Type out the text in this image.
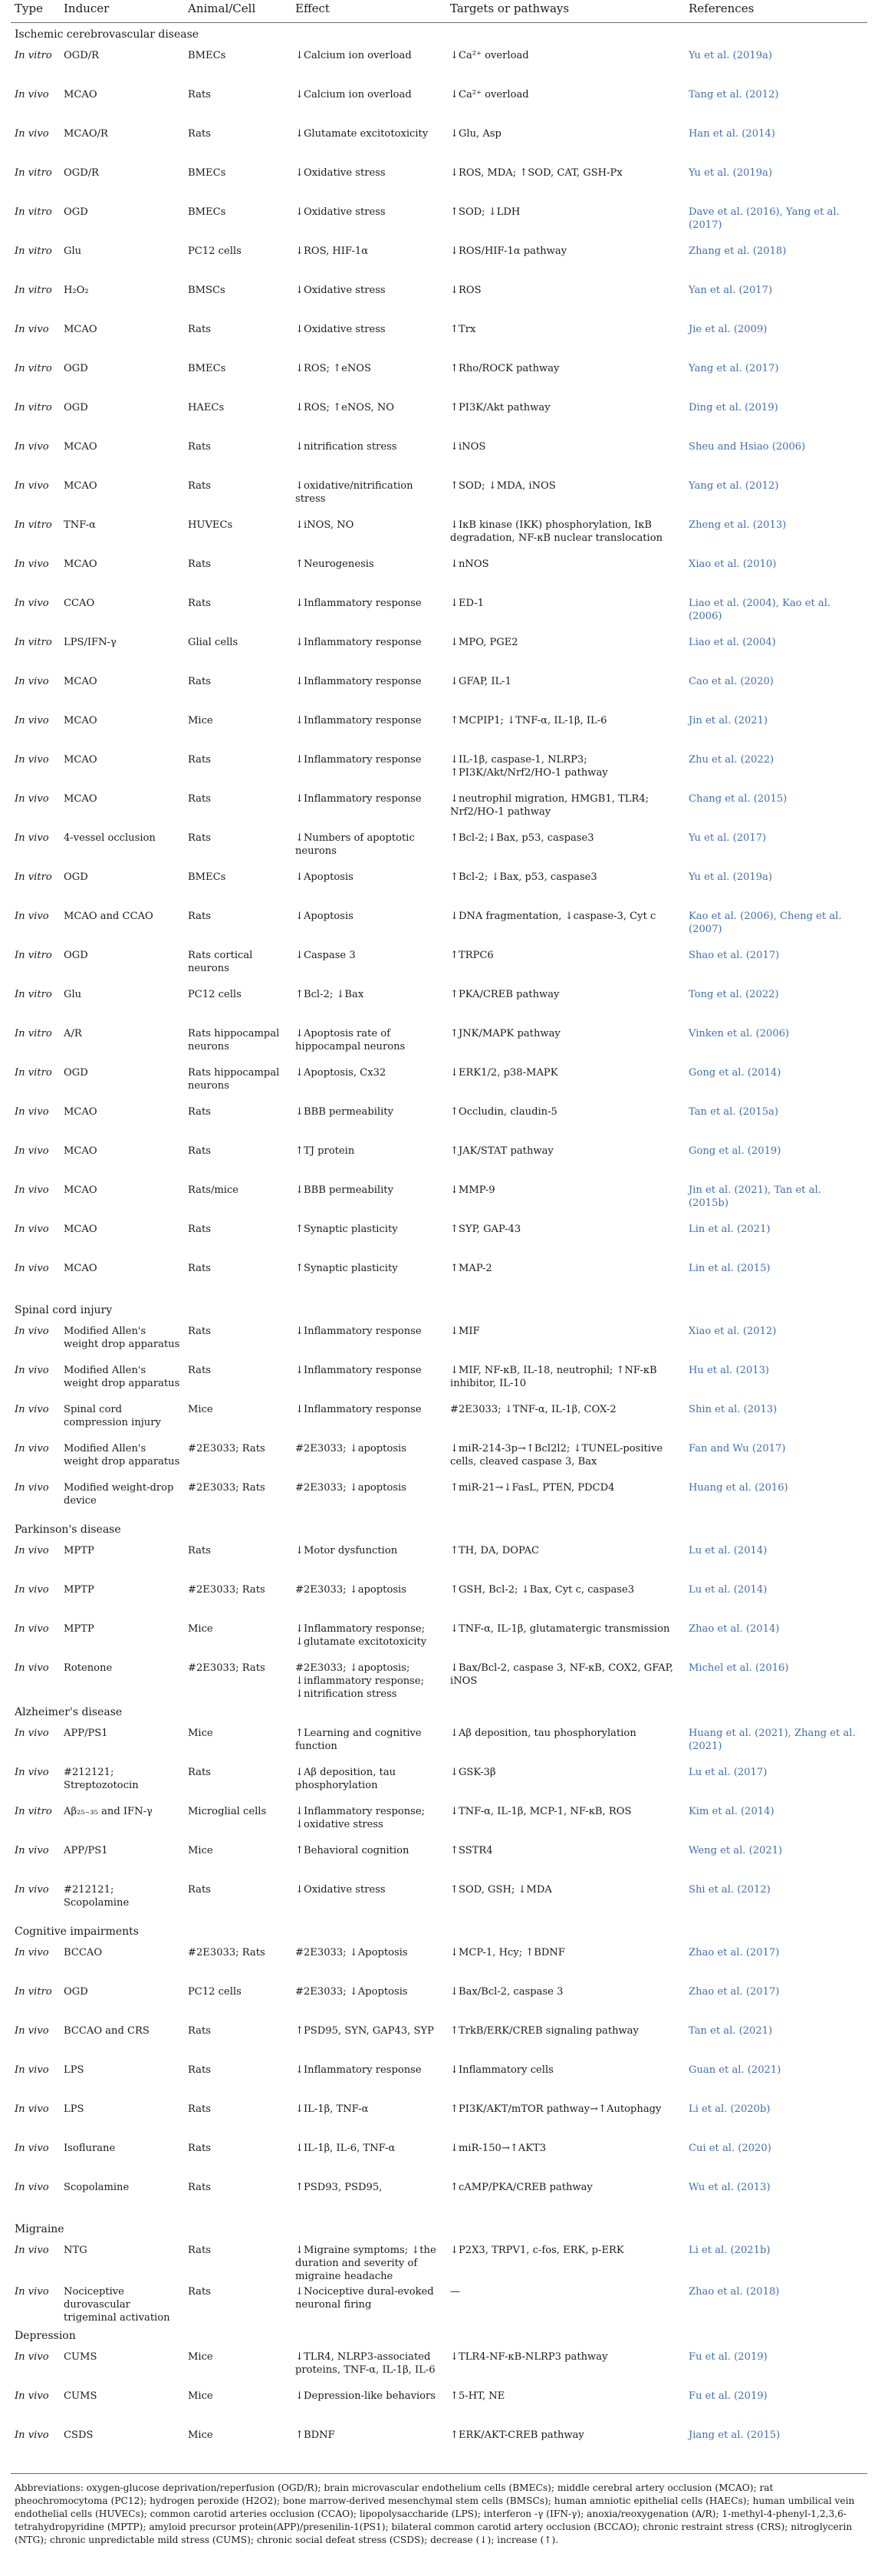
Type	Inducer	Animal/Cell	Effect	Targets or pathways	References
Ischemic cerebrovascular disease					
In vitro	OGD/R	BMECs	↓Calcium ion overload	↓Ca²⁺ overload	Yu et al. (2019a)
In vivo	MCAO	Rats	↓Calcium ion overload	↓Ca²⁺ overload	Tang et al. (2012)
In vivo	MCAO/R	Rats	↓Glutamate excitotoxicity	↓Glu, Asp	Han et al. (2014)
In vitro	OGD/R	BMECs	↓Oxidative stress	↓ROS, MDA; ↑SOD, CAT, GSH-Px	Yu et al. (2019a)
In vitro	OGD	BMECs	↓Oxidative stress	↑SOD; ↓LDH	Dave et al. (2016), Yang et al. (2017)
In vitro	Glu	PC12 cells	↓ROS, HIF-1α	↓ROS/HIF-1α pathway	Zhang et al. (2018)
In vitro	H₂O₂	BMSCs	↓Oxidative stress	↓ROS	Yan et al. (2017)
In vivo	MCAO	Rats	↓Oxidative stress	↑Trx	Jie et al. (2009)
In vitro	OGD	BMECs	↓ROS; ↑eNOS	↑Rho/ROCK pathway	Yang et al. (2017)
In vitro	OGD	HAECs	↓ROS; ↑eNOS, NO	↑PI3K/Akt pathway	Ding et al. (2019)
In vivo	MCAO	Rats	↓nitrification stress	↓iNOS	Sheu and Hsiao (2006)
In vivo	MCAO	Rats	↓oxidative/nitrification stress	↑SOD; ↓MDA, iNOS	Yang et al. (2012)
In vitro	TNF-α	HUVECs	↓iNOS, NO	↓IκB kinase (IKK) phosphorylation, IκB degradation, NF-κB nuclear translocation	Zheng et al. (2013)
In vivo	MCAO	Rats	↑Neurogenesis	↓nNOS	Xiao et al. (2010)
In vivo	CCAO	Rats	↓Inflammatory response	↓ED-1	Liao et al. (2004), Kao et al. (2006)
In vitro	LPS/IFN-γ	Glial cells	↓Inflammatory response	↓MPO, PGE2	Liao et al. (2004)
In vivo	MCAO	Rats	↓Inflammatory response	↓GFAP, IL-1	Cao et al. (2020)
In vivo	MCAO	Mice	↓Inflammatory response	↑MCPIP1; ↓TNF-α, IL-1β, IL-6	Jin et al. (2021)
In vivo	MCAO	Rats	↓Inflammatory response	↓IL-1β, caspase-1, NLRP3; ↑PI3K/Akt/Nrf2/HO-1 pathway	Zhu et al. (2022)
In vivo	MCAO	Rats	↓Inflammatory response	↓neutrophil migration, HMGB1, TLR4; Nrf2/HO-1 pathway	Chang et al. (2015)
In vivo	4-vessel occlusion	Rats	↓Numbers of apoptotic neurons	↑Bcl-2;↓Bax, p53, caspase3	Yu et al. (2017)
In vitro	OGD	BMECs	↓Apoptosis	↑Bcl-2; ↓Bax, p53, caspase3	Yu et al. (2019a)
In vivo	MCAO and CCAO	Rats	↓Apoptosis	↓DNA fragmentation, ↓caspase-3, Cyt c	Kao et al. (2006), Cheng et al. (2007)
In vitro	OGD	Rats cortical neurons	↓Caspase 3	↑TRPC6	Shao et al. (2017)
In vitro	Glu	PC12 cells	↑Bcl-2; ↓Bax	↑PKA/CREB pathway	Tong et al. (2022)
In vitro	A/R	Rats hippocampal neurons	↓Apoptosis rate of hippocampal neurons	↑JNK/MAPK pathway	Vinken et al. (2006)
In vitro	OGD	Rats hippocampal neurons	↓Apoptosis, Cx32	↓ERK1/2, p38-MAPK	Gong et al. (2014)
In vivo	MCAO	Rats	↓BBB permeability	↑Occludin, claudin-5	Tan et al. (2015a)
In vivo	MCAO	Rats	↑TJ protein	↑JAK/STAT pathway	Gong et al. (2019)
In vivo	MCAO	Rats/mice	↓BBB permeability	↓MMP-9	Jin et al. (2021), Tan et al. (2015b)
In vivo	MCAO	Rats	↑Synaptic plasticity	↑SYP, GAP-43	Lin et al. (2021)
In vivo	MCAO	Rats	↑Synaptic plasticity	↑MAP-2	Lin et al. (2015)
Spinal cord injury					
In vivo	Modified Allen's weight drop apparatus	Rats	↓Inflammatory response	↓MIF	Xiao et al. (2012)
In vivo	Modified Allen's weight drop apparatus	Rats	↓Inflammatory response	↓MIF, NF-κB, IL-18, neutrophil; ↑NF-κB inhibitor, IL-10	Hu et al. (2013)
In vivo	Spinal cord compression injury	Mice	↓Inflammatory response	#2E3033; ↓TNF-α, IL-1β, COX-2	Shin et al. (2013)
In vivo	Modified Allen's weight drop apparatus	#2E3033; Rats	#2E3033; ↓apoptosis	↓miR-214-3p→↑Bcl2l2; ↓TUNEL-positive cells, cleaved caspase 3, Bax	Fan and Wu (2017)
In vivo	Modified weight-drop device	#2E3033; Rats	#2E3033; ↓apoptosis	↑miR-21→↓FasL, PTEN, PDCD4	Huang et al. (2016)
Parkinson's disease					
In vivo	MPTP	Rats	↓Motor dysfunction	↑TH, DA, DOPAC	Lu et al. (2014)
In vivo	MPTP	#2E3033; Rats	#2E3033; ↓apoptosis	↑GSH, Bcl-2; ↓Bax, Cyt c, caspase3	Lu et al. (2014)
In vivo	MPTP	Mice	↓Inflammatory response; ↓glutamate excitotoxicity	↓TNF-α, IL-1β, glutamatergic transmission	Zhao et al. (2014)
In vivo	Rotenone	#2E3033; Rats	#2E3033; ↓apoptosis; ↓inflammatory response; ↓nitrification stress	↓Bax/Bcl-2, caspase 3, NF-κB, COX2, GFAP, iNOS	Michel et al. (2016)
Alzheimer's disease					
In vivo	APP/PS1	Mice	↑Learning and cognitive function	↓Aβ deposition, tau phosphorylation	Huang et al. (2021), Zhang et al. (2021)
In vivo	#212121; Streptozotocin	Rats	↓Aβ deposition, tau phosphorylation	↓GSK-3β	Lu et al. (2017)
In vitro	Aβ₂₅₋₃₅ and IFN-γ	Microglial cells	↓Inflammatory response; ↓oxidative stress	↓TNF-α, IL-1β, MCP-1, NF-κB, ROS	Kim et al. (2014)
In vivo	APP/PS1	Mice	↑Behavioral cognition	↑SSTR4	Weng et al. (2021)
In vivo	#212121; Scopolamine	Rats	↓Oxidative stress	↑SOD, GSH; ↓MDA	Shi et al. (2012)
Cognitive impairments					
In vivo	BCCAO	#2E3033; Rats	#2E3033; ↓Apoptosis	↓MCP-1, Hcy; ↑BDNF	Zhao et al. (2017)
In vitro	OGD	PC12 cells	#2E3033; ↓Apoptosis	↓Bax/Bcl-2, caspase 3	Zhao et al. (2017)
In vivo	BCCAO and CRS	Rats	↑PSD95, SYN, GAP43, SYP	↑TrkB/ERK/CREB signaling pathway	Tan et al. (2021)
In vivo	LPS	Rats	↓Inflammatory response	↓Inflammatory cells	Guan et al. (2021)
In vivo	LPS	Rats	↓IL-1β, TNF-α	↑PI3K/AKT/mTOR pathway→↑Autophagy	Li et al. (2020b)
In vivo	Isoflurane	Rats	↓IL-1β, IL-6, TNF-α	↓miR-150→↑AKT3	Cui et al. (2020)
In vivo	Scopolamine	Rats	↑PSD93, PSD95,	↑cAMP/PKA/CREB pathway	Wu et al. (2013)
Migraine					
In vivo	NTG	Rats	↓Migraine symptoms; ↓the duration and severity of migraine headache	↓P2X3, TRPV1, c-fos, ERK, p-ERK	Li et al. (2021b)
In vivo	Nociceptive durovascular trigeminal activation	Rats	↓Nociceptive dural-evoked neuronal firing	—	Zhao et al. (2018)
Depression					
In vivo	CUMS	Mice	↓TLR4, NLRP3-associated proteins, TNF-α, IL-1β, IL-6	↓TLR4-NF-κB-NLRP3 pathway	Fu et al. (2019)
In vivo	CUMS	Mice	↓Depression-like behaviors	↑5-HT, NE	Fu et al. (2019)
In vivo	CSDS	Mice	↑BDNF	↑ERK/AKT-CREB pathway	Jiang et al. (2015)
Abbreviations: oxygen-glucose deprivation/reperfusion (OGD/R); brain microvascular endothelium cells (BMECs); middle cerebral artery occlusion (MCAO); rat pheochromocytoma (PC12); hydrogen peroxide (H2O2); bone marrow-derived mesenchymal stem cells (BMSCs); human amniotic epithelial cells (HAECs); human umbilical vein endothelial cells (HUVECs); common carotid arteries occlusion (CCAO); lipopolysaccharide (LPS); interferon -γ (IFN-γ); anoxia/reoxygenation (A/R); 1-methyl-4-phenyl-1,2,3,6-tetrahydropyridine (MPTP); amyloid precursor protein(APP)/presenilin-1(PS1); bilateral common carotid artery occlusion (BCCAO); chronic restraint stress (CRS); nitroglycerin (NTG); chronic unpredictable mild stress (CUMS); chronic social defeat stress (CSDS); decrease (↓); increase (↑).
